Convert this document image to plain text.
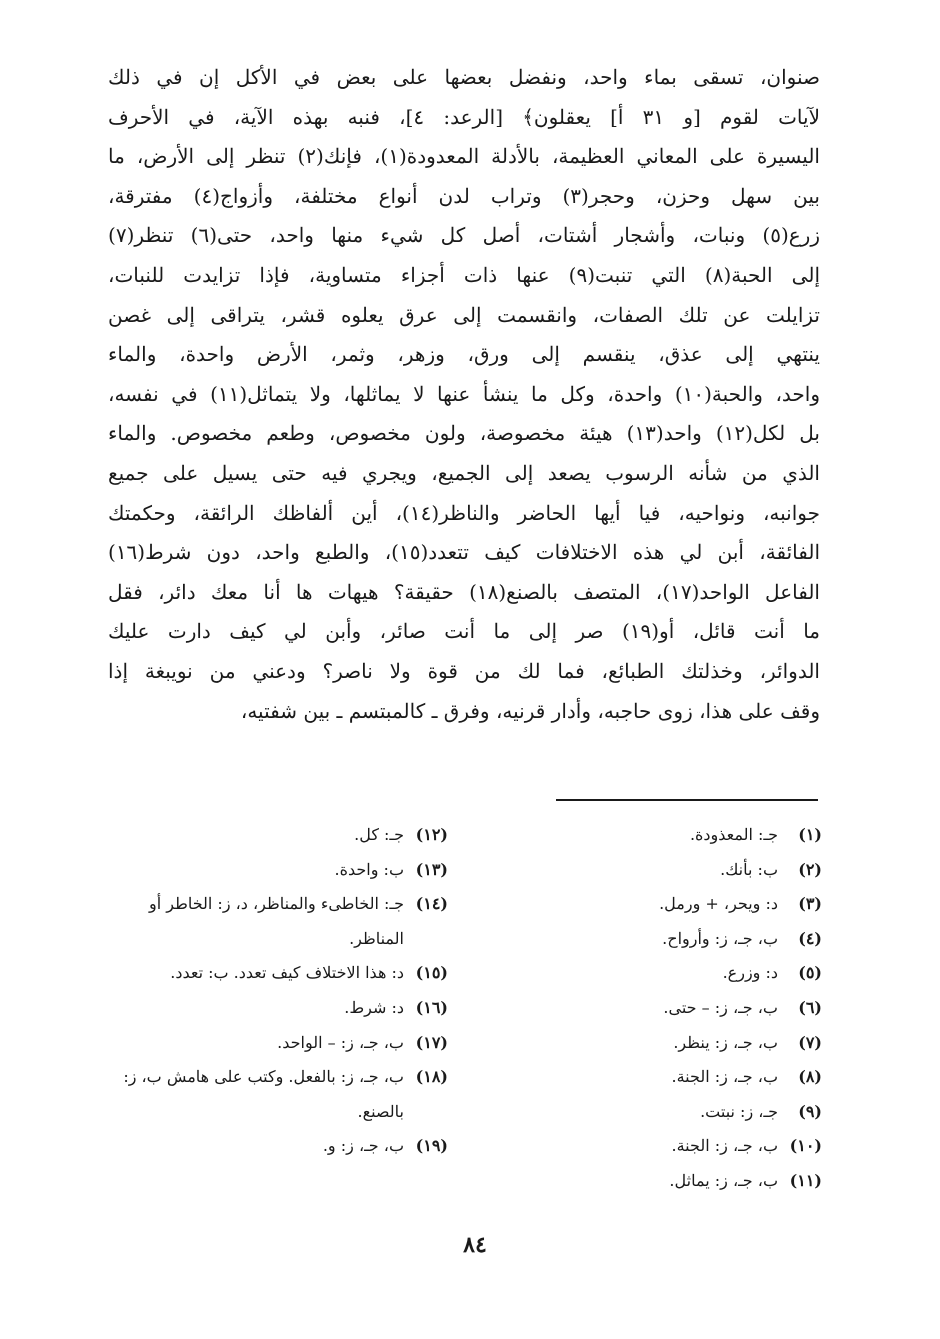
صنوان، تسقى بماء واحد، ونفضل بعضها على بعض في الأكل إن في ذلك
لآيات لقوم [و ٣١ أ] يعقلون﴾ [الرعد: ٤]، فنبه بهذه الآية، في الأحرف
اليسيرة على المعاني العظيمة، بالأدلة المعدودة(١)، فإنك(٢) تنظر إلى الأرض، ما
بين سهل وحزن، وحجر(٣) وتراب لدن أنواع مختلفة، وأزواج(٤) مفترقة،
زرع(٥) ونبات، وأشجار أشتات، أصل كل شيء منها واحد، حتى(٦) تنظر(٧)
إلى الحبة(٨) التي تنبت(٩) عنها ذات أجزاء متساوية، فإذا تزايدت للنبات،
تزايلت عن تلك الصفات، وانقسمت إلى عرق يعلوه قشر، يتراقى إلى غصن
ينتهي إلى عذق، ينقسم إلى ورق، وزهر، وثمر، الأرض واحدة، والماء
واحد، والحبة(١٠) واحدة، وكل ما ينشأ عنها لا يماثلها، ولا يتماثل(١١) في نفسه،
بل لكل(١٢) واحد(١٣) هيئة مخصوصة، ولون مخصوص، وطعم مخصوص. والماء
الذي من شأنه الرسوب يصعد إلى الجميع، ويجري فيه حتى يسيل على جميع
جوانبه، ونواحيه، فيا أيها الحاضر والناظر(١٤)، أين ألفاظك الرائقة، وحكمتك
الفائقة، أبن لي هذه الاختلافات كيف تتعدد(١٥)، والطبع واحد، دون شرط(١٦)
الفاعل الواحد(١٧)، المتصف بالصنع(١٨) حقيقة؟ هيهات ها أنا معك دائر، فقل
ما أنت قائل، أو(١٩) صر إلى ما أنت صائر، وأبن لي كيف دارت عليك
الدوائر، وخذلتك الطبائع، فما لك من قوة ولا ناصر؟ ودعني من نويبغة إذا
وقف على هذا، زوى حاجبه، وأدار قرنيه، وفرق ـ كالمبتسم ـ بين شفتيه،
(١)
جـ: المعذودة.
(٢)
ب: بأنك.
(٣)
د: ويحر، + ورمل.
(٤)
ب، جـ، ز: وأرواح.
(٥)
د: وزرع.
(٦)
ب، جـ، ز: – حتى.
(٧)
ب، جـ، ز: ينظر.
(٨)
ب، جـ، ز: الجنة.
(٩)
جـ، ز: نبتت.
(١٠)
ب، جـ، ز: الجنة.
(١١)
ب، جـ، ز: يماثل.
(١٢)
جـ: كل.
(١٣)
ب: واحدة.
(١٤)
جـ: الخاطىء والمناظر، د، ز: الخاطر أو المناظر.
(١٥)
د: هذا الاختلاف كيف تعدد. ب: تعدد.
(١٦)
د: شرط.
(١٧)
ب، جـ، ز: – الواحد.
(١٨)
ب، جـ، ز: بالفعل. وكتب على هامش ب، ز: بالصنع.
(١٩)
ب، جـ، ز: و.
٨٤
